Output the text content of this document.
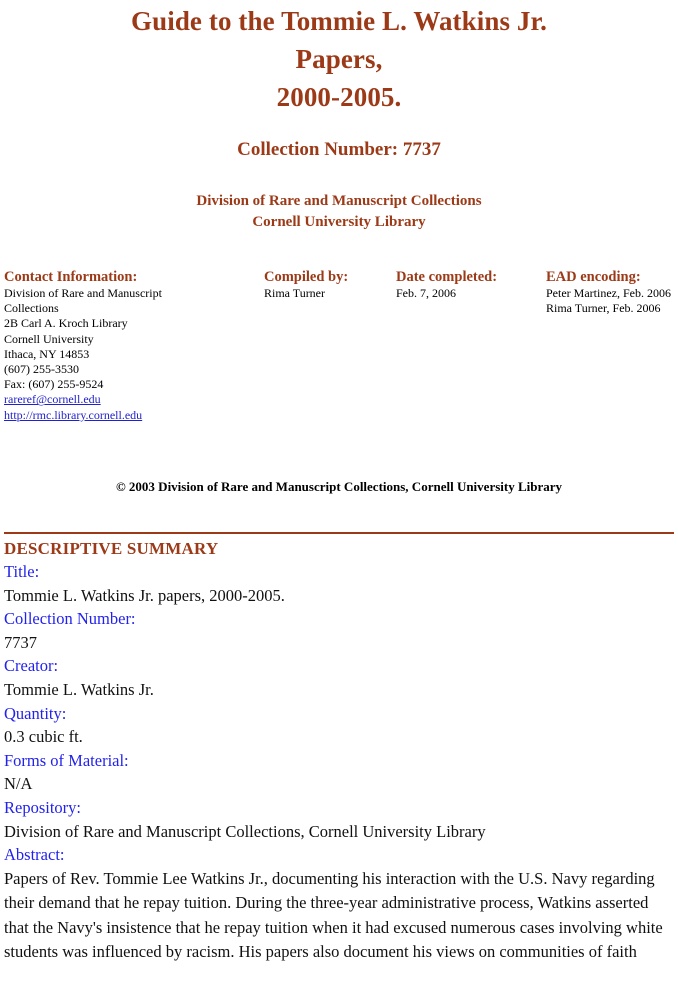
Guide to the Tommie L. Watkins Jr.
Papers,
2000-2005.
Collection Number: 7737
Division of Rare and Manuscript Collections
Cornell University Library

Contact Information:

Division of Rare and Manuscript
Collections
2B Carl A. Kroch Library
Cornell University
Ithaca, NY 14853
(607) 255-3530
Fax: (607) 255-9524
rareref@cornell.edu
http://rmc.library.cornell.edu

Compiled by:

Rima Turner

Date completed:

Feb. 7, 2006

EAD encoding:

Peter Martinez, Feb. 2006
Rima Turner, Feb. 2006

© 2003 Division of Rare and Manuscript Collections, Cornell University Library

DESCRIPTIVE SUMMARY

Title:

Tommie L. Watkins Jr. papers, 2000-2005.

Collection Number:

7737

Creator:

Tommie L. Watkins Jr.

Quantity:

0.3 cubic ft.

Forms of Material:

N/A

Repository:

Division of Rare and Manuscript Collections, Cornell University Library

Abstract:

Papers of Rev. Tommie Lee Watkins Jr., documenting his interaction with the U.S. Navy regarding their demand that he repay tuition. During the three-year administrative process, Watkins asserted that the Navy's insistence that he repay tuition when it had excused numerous cases involving white students was influenced by racism. His papers also document his views on communities of faith
